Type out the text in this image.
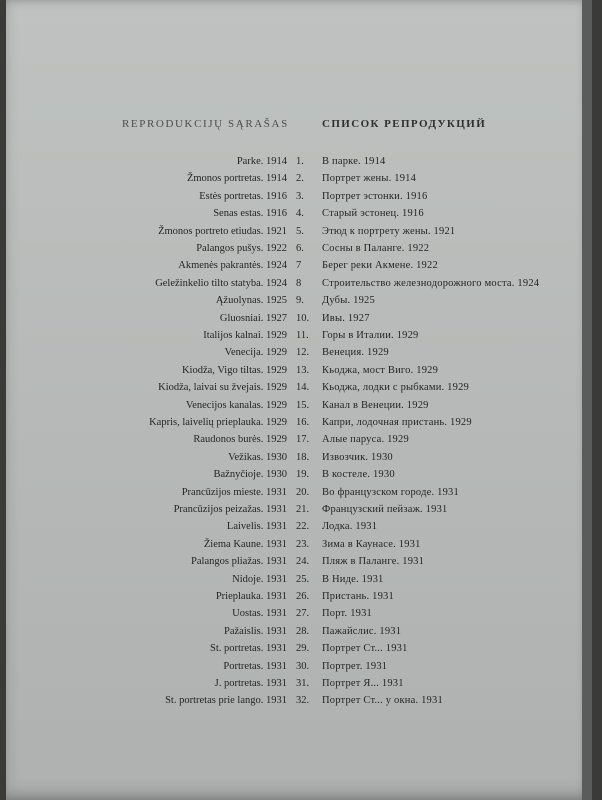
REPRODUKCIJŲ SĄRAŠAS	СПИСОК РЕПРОДУКЦИЙ
Parke. 1914 1.	В парке. 1914
Žmonos portretas. 1914 2.	Портрет жены. 1914
Estės portretas. 1916 3.	Портрет эстонки. 1916
Senas estas. 1916 4.	Старый эстонец. 1916
Žmonos portreto etiudas. 1921 5.	Этюд к портрету жены. 1921
Palangos pušys. 1922 6.	Сосны в Паланге. 1922
Akmenės pakrantės. 1924 7	Берег реки Акмене. 1922
Geležinkelio tilto statyba. 1924 8	Строительство железнодорожного моста. 1924
Ąžuolynas. 1925 9.	Дубы. 1925
Gluosniai. 1927 10.	Ивы. 1927
Italijos kalnai. 1929 11.	Горы в Италии. 1929
Venecija. 1929 12.	Венеция. 1929
Kiodža, Vigo tiltas. 1929 13.	Кьоджа, мост Виго. 1929
Kiodža, laivai su žvejais. 1929 14.	Кьоджа, лодки с рыбками. 1929
Venecijos kanalas. 1929 15.	Канал в Венеции. 1929
Kapris, laivelių prieplauka. 1929 16.	Капри, лодочная пристань. 1929
Raudonos burės. 1929 17.	Алые паруса. 1929
Vežikas. 1930 18.	Извозчик. 1930
Bažnyčioje. 1930 19.	В костеле. 1930
Prancūzijos mieste. 1931 20.	Во французском городе. 1931
Prancūzijos peizažas. 1931 21.	Французский пейзаж. 1931
Laivelis. 1931 22.	Лодка. 1931
Žiema Kaune. 1931 23.	Зима в Каунасе. 1931
Palangos pliažas. 1931 24.	Пляж в Паланге. 1931
Nidoje. 1931 25.	В Ниде. 1931
Prieplauka. 1931 26.	Пристань. 1931
Uostas. 1931 27.	Порт. 1931
Pažaislis. 1931 28.	Пажайслис. 1931
St. portretas. 1931 29.	Портрет Ст... 1931
Portretas. 1931 30.	Портрет. 1931
J. portretas. 1931 31.	Портрет Я... 1931
St. portretas prie lango. 1931 32.	Портрет Ст... у окна. 1931
